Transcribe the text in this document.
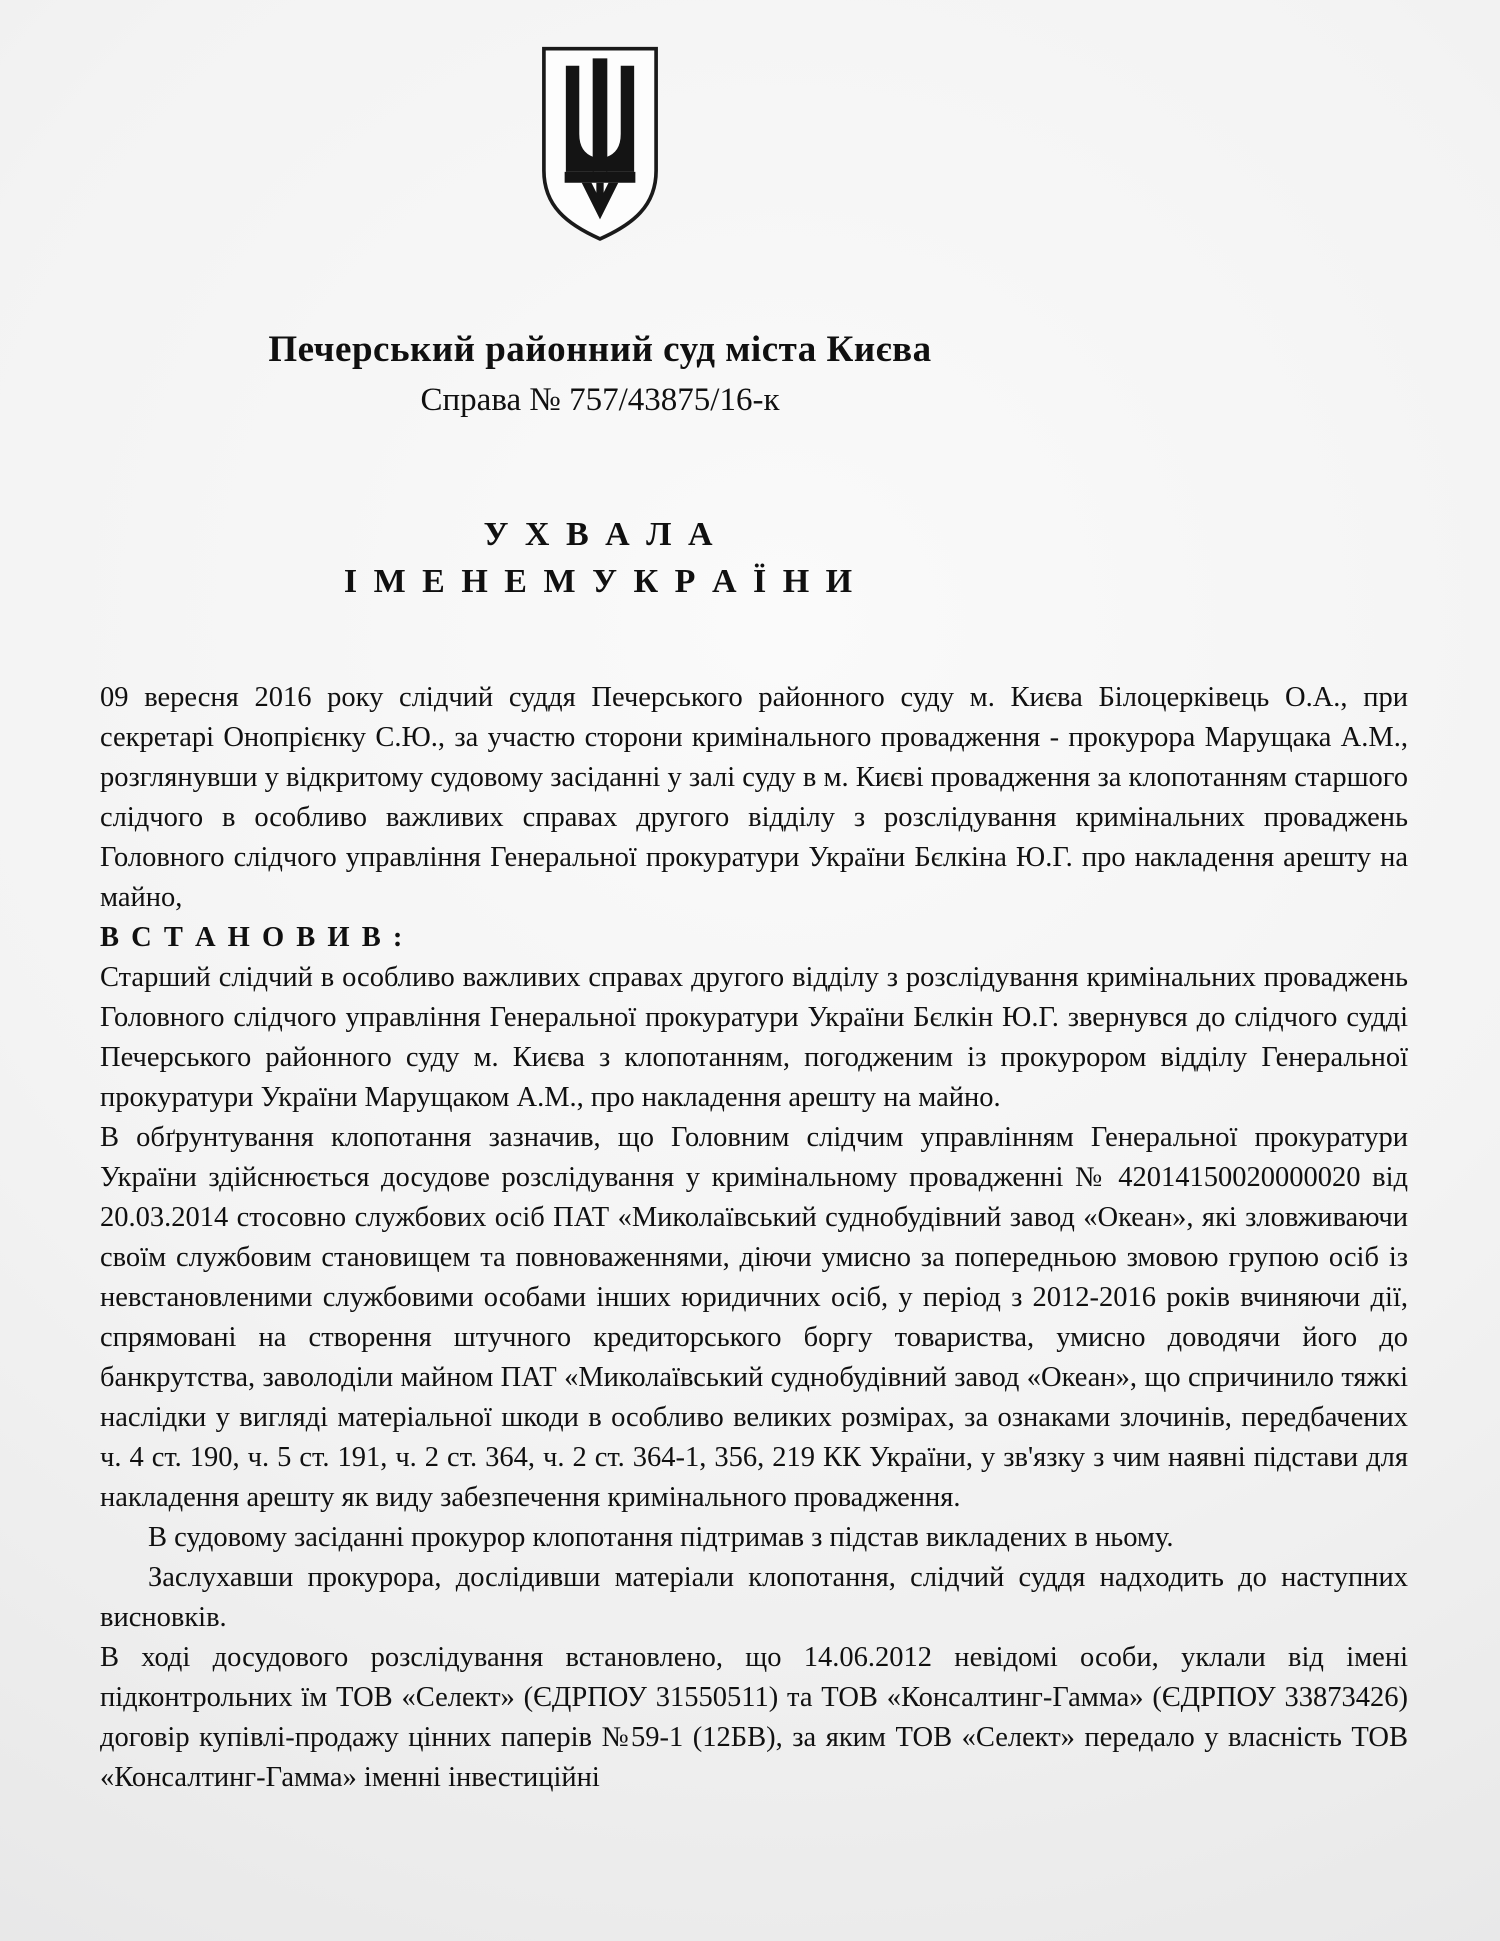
Печерський районний суд міста Києва
Справа № 757/43875/16-к
У Х В А Л А
І М Е Н Е М У К Р А Ї Н И

09 вересня 2016 року слідчий суддя Печерського районного суду м. Києва Білоцерківець О.А., при секретарі Онопрієнку С.Ю., за участю сторони кримінального провадження - прокурора Марущака А.М., розглянувши у відкритому судовому засіданні у залі суду в м. Києві провадження за клопотанням старшого слідчого в особливо важливих справах другого відділу з розслідування кримінальних проваджень Головного слідчого управління Генеральної прокуратури України Бєлкіна Ю.Г. про накладення арешту на майно,

В С Т А Н О В И В :

Старший слідчий в особливо важливих справах другого відділу з розслідування кримінальних проваджень Головного слідчого управління Генеральної прокуратури України Бєлкін Ю.Г. звернувся до слідчого судді Печерського районного суду м. Києва з клопотанням, погодженим із прокурором відділу Генеральної прокуратури України Марущаком А.М., про накладення арешту на майно.

В обґрунтування клопотання зазначив, що Головним слідчим управлінням Генеральної прокуратури України здійснюється досудове розслідування у кримінальному провадженні № 42014150020000020 від 20.03.2014 стосовно службових осіб ПАТ «Миколаївський суднобудівний завод «Океан», які зловживаючи своїм службовим становищем та повноваженнями, діючи умисно за попередньою змовою групою осіб із невстановленими службовими особами інших юридичних осіб, у період з 2012-2016 років вчиняючи дії, спрямовані на створення штучного кредиторського боргу товариства, умисно доводячи його до банкрутства, заволоділи майном ПАТ «Миколаївський суднобудівний завод «Океан», що спричинило тяжкі наслідки у вигляді матеріальної шкоди в особливо великих розмірах, за ознаками злочинів, передбачених ч. 4 ст. 190, ч. 5 ст. 191, ч. 2 ст. 364, ч. 2 ст. 364-1, 356, 219 КК України, у зв'язку з чим наявні підстави для накладення арешту як виду забезпечення кримінального провадження.

В судовому засіданні прокурор клопотання підтримав з підстав викладених в ньому.

Заслухавши прокурора, дослідивши матеріали клопотання, слідчий суддя надходить до наступних висновків.

В ході досудового розслідування встановлено, що 14.06.2012 невідомі особи, уклали від імені підконтрольних їм ТОВ «Селект» (ЄДРПОУ 31550511) та ТОВ «Консалтинг-Гамма» (ЄДРПОУ 33873426) договір купівлі-продажу цінних паперів №59-1 (12БВ), за яким ТОВ «Селект» передало у власність ТОВ «Консалтинг-Гамма» іменні інвестиційні
